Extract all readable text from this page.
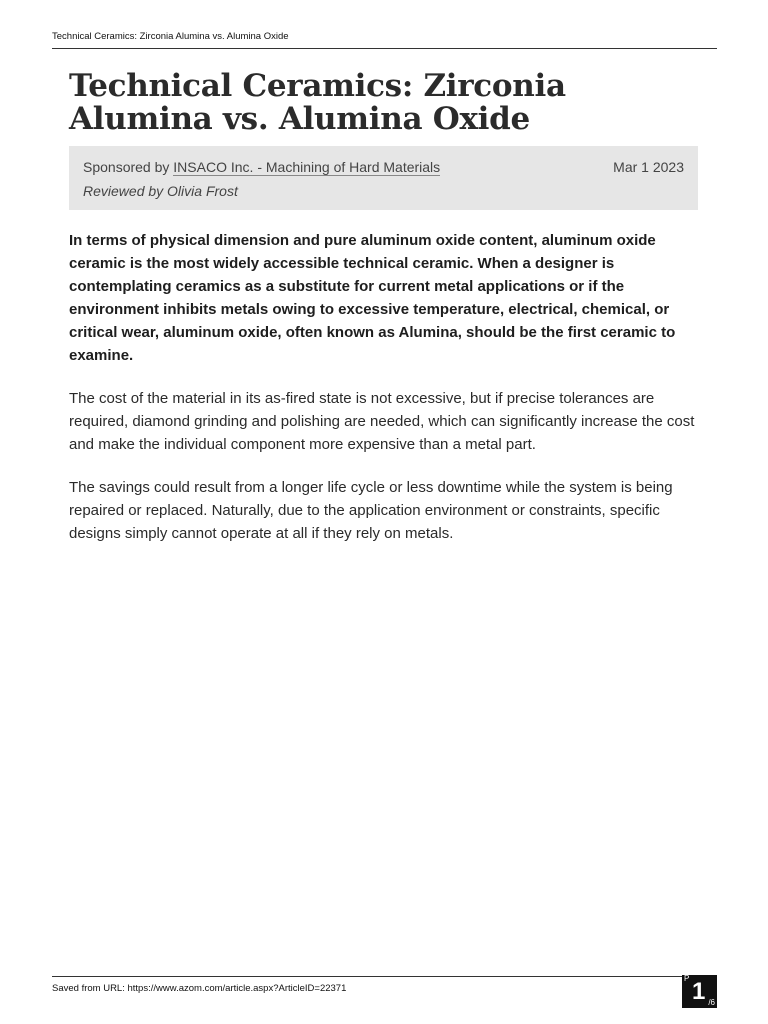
Technical Ceramics: Zirconia Alumina vs. Alumina Oxide
Technical Ceramics: Zirconia Alumina vs. Alumina Oxide
Sponsored by INSACO Inc. - Machining of Hard Materials	Mar 1 2023
Reviewed by Olivia Frost

In terms of physical dimension and pure aluminum oxide content, aluminum oxide ceramic is the most widely accessible technical ceramic. When a designer is contemplating ceramics as a substitute for current metal applications or if the environment inhibits metals owing to excessive temperature, electrical, chemical, or critical wear, aluminum oxide, often known as Alumina, should be the first ceramic to examine.

The cost of the material in its as-fired state is not excessive, but if precise tolerances are required, diamond grinding and polishing are needed, which can significantly increase the cost and make the individual component more expensive than a metal part.

The savings could result from a longer life cycle or less downtime while the system is being repaired or replaced. Naturally, due to the application environment or constraints, specific designs simply cannot operate at all if they rely on metals.

Saved from URL: https://www.azom.com/article.aspx?ArticleID=22371
P 1 /6
